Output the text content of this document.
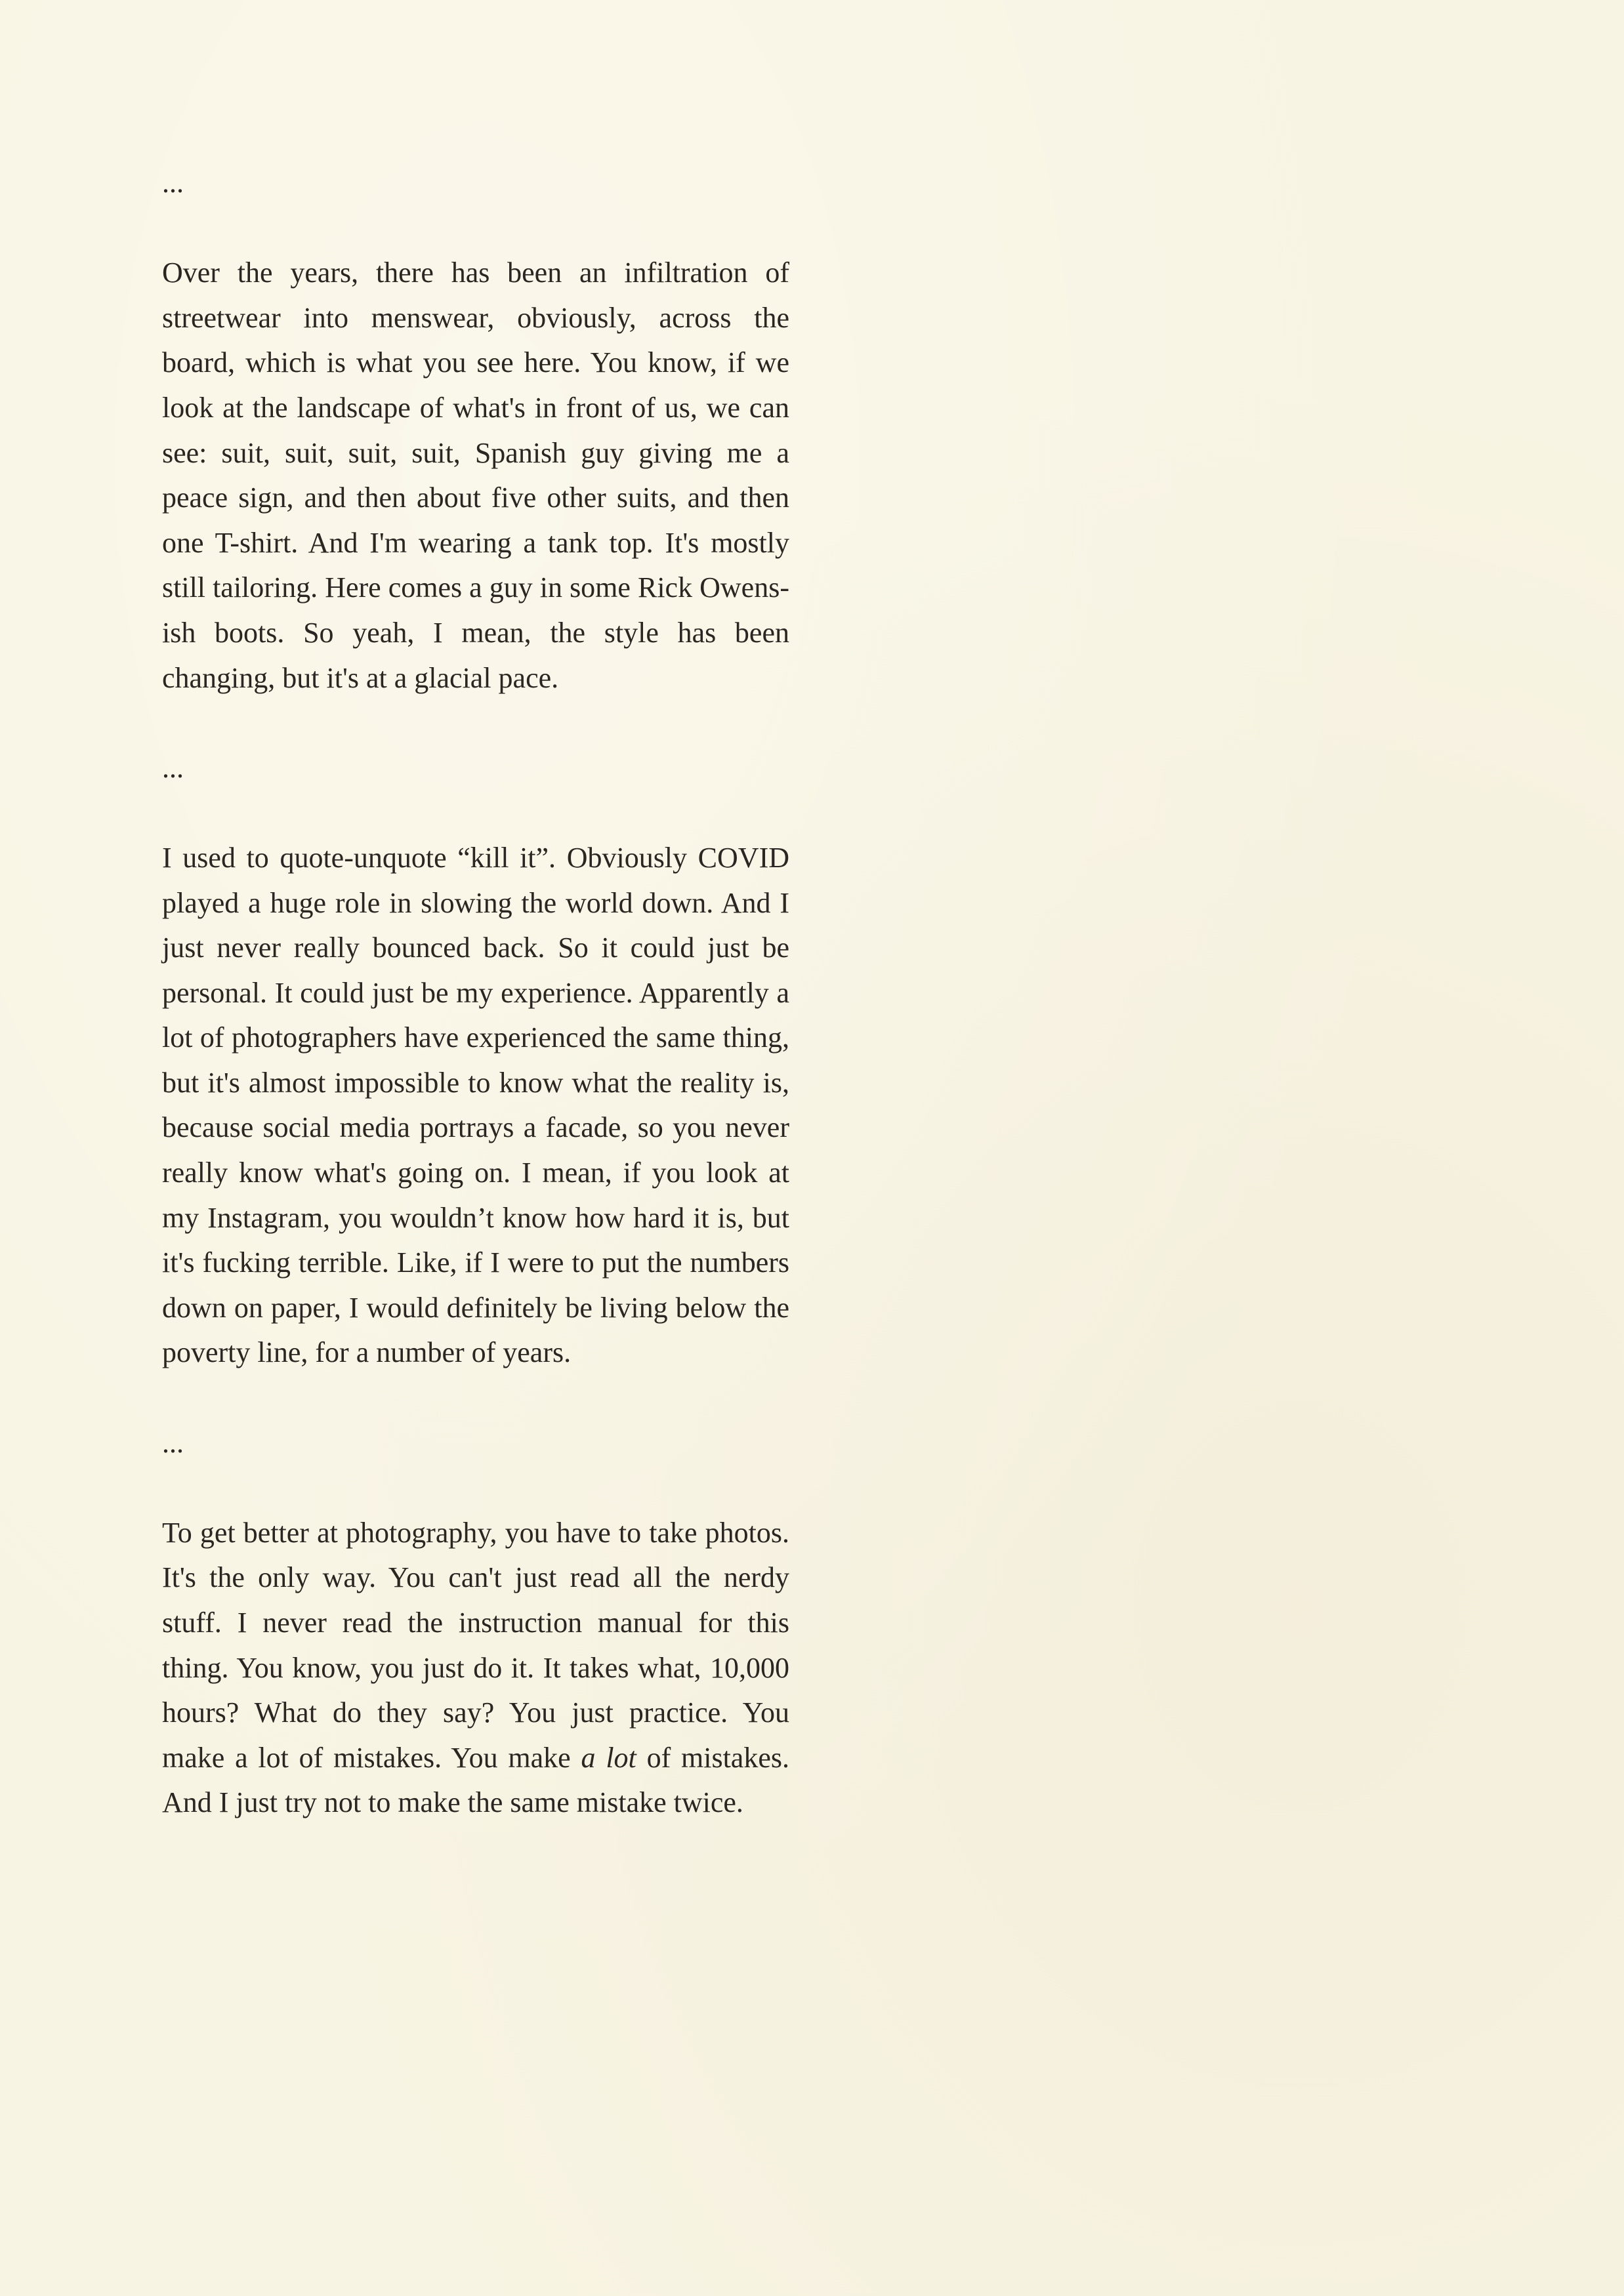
...

Over the years, there has been an infiltration of streetwear into menswear, obviously, across the board, which is what you see here. You know, if we look at the landscape of what's in front of us, we can see: suit, suit, suit, suit, Spanish guy giving me a peace sign, and then about five other suits, and then one T-shirt. And I'm wearing a tank top. It's mostly still tailoring. Here comes a guy in some Rick Owens-ish boots. So yeah, I mean, the style has been changing, but it's at a glacial pace.

...

I used to quote-unquote “kill it”. Obviously COVID played a huge role in slowing the world down. And I just never really bounced back. So it could just be personal. It could just be my experience. Apparently a lot of photographers have experienced the same thing, but it's almost impossible to know what the reality is, because social media portrays a facade, so you never really know what's going on. I mean, if you look at my Instagram, you wouldn’t know how hard it is, but it's fucking terrible. Like, if I were to put the numbers down on paper, I would definitely be living below the poverty line, for a number of years.

...

To get better at photography, you have to take photos. It's the only way. You can't just read all the nerdy stuff. I never read the instruction manual for this thing. You know, you just do it. It takes what, 10,000 hours? What do they say? You just practice. You make a lot of mistakes. You make a lot of mistakes. And I just try not to make the same mistake twice.
